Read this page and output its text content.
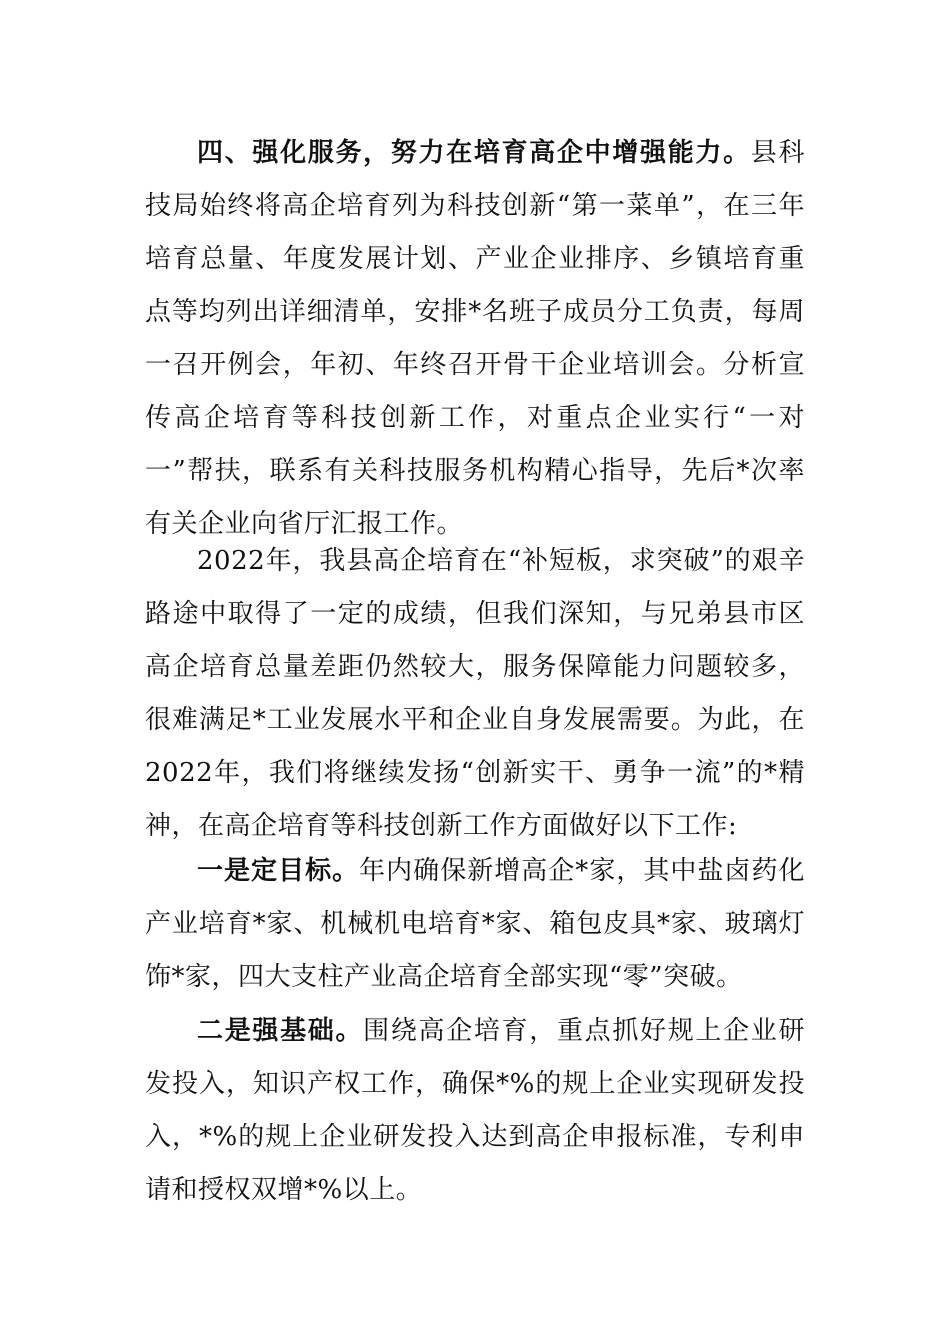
四、强化服务，努力在培育高企中增强能力。县科技局始终将高企培育列为科技创新“第一菜单”，在三年培育总量、年度发展计划、产业企业排序、乡镇培育重点等均列出详细清单，安排*名班子成员分工负责，每周一召开例会，年初、年终召开骨干企业培训会。分析宣传高企培育等科技创新工作，对重点企业实行“一对一”帮扶，联系有关科技服务机构精心指导，先后*次率有关企业向省厅汇报工作。

2022年，我县高企培育在“补短板，求突破”的艰辛路途中取得了一定的成绩，但我们深知，与兄弟县市区高企培育总量差距仍然较大，服务保障能力问题较多，很难满足*工业发展水平和企业自身发展需要。为此，在2022年，我们将继续发扬“创新实干、勇争一流”的*精神，在高企培育等科技创新工作方面做好以下工作:

一是定目标。年内确保新增高企*家，其中盐卤药化产业培育*家、机械机电培育*家、箱包皮具*家、玻璃灯饰*家，四大支柱产业高企培育全部实现“零”突破。

二是强基础。围绕高企培育，重点抓好规上企业研发投入，知识产权工作，确保*%的规上企业实现研发投入，*%的规上企业研发投入达到高企申报标准，专利申请和授权双增*%以上。
